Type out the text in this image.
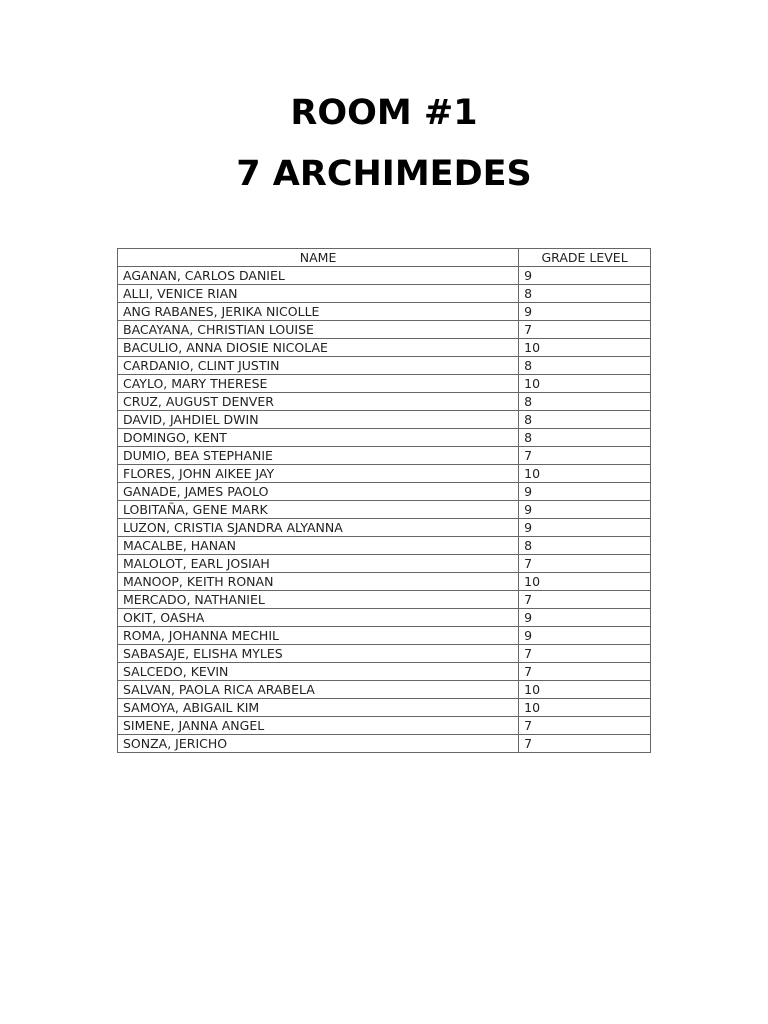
ROOM #1
7 ARCHIMEDES
NAME	GRADE LEVEL
AGANAN, CARLOS DANIEL	9
ALLI, VENICE RIAN	8
ANG RABANES, JERIKA NICOLLE	9
BACAYANA, CHRISTIAN LOUISE	7
BACULIO, ANNA DIOSIE NICOLAE	10
CARDANIO, CLINT JUSTIN	8
CAYLO, MARY THERESE	10
CRUZ, AUGUST DENVER	8
DAVID, JAHDIEL DWIN	8
DOMINGO, KENT	8
DUMIO, BEA STEPHANIE	7
FLORES, JOHN AIKEE JAY	10
GANADE, JAMES PAOLO	9
LOBITAÑA, GENE MARK	9
LUZON, CRISTIA SJANDRA ALYANNA	9
MACALBE, HANAN	8
MALOLOT, EARL JOSIAH	7
MANOOP, KEITH RONAN	10
MERCADO, NATHANIEL	7
OKIT, OASHA	9
ROMA, JOHANNA MECHIL	9
SABASAJE, ELISHA MYLES	7
SALCEDO, KEVIN	7
SALVAN, PAOLA RICA ARABELA	10
SAMOYA, ABIGAIL KIM	10
SIMENE, JANNA ANGEL	7
SONZA, JERICHO	7
